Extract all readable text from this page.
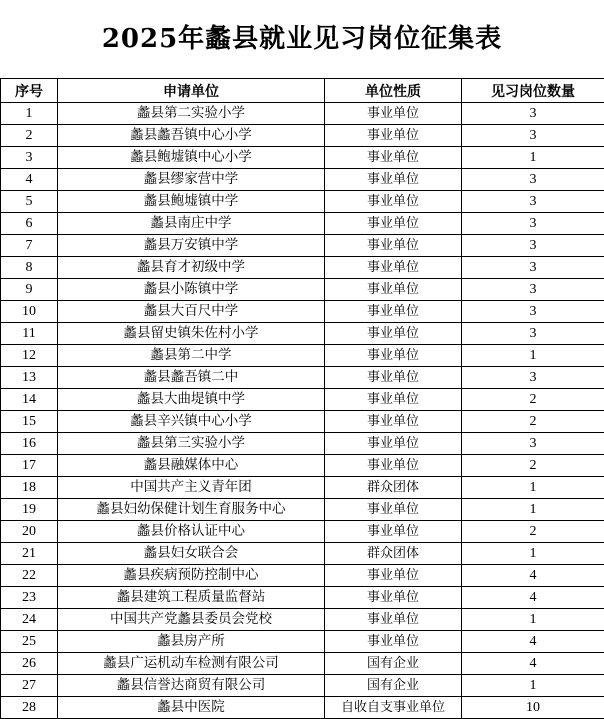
2025年蠡县就业见习岗位征集表
序号	申请单位	单位性质	见习岗位数量
1	蠡县第二实验小学	事业单位	3
2	蠡县蠡吾镇中心小学	事业单位	3
3	蠡县鲍墟镇中心小学	事业单位	1
4	蠡县缪家营中学	事业单位	3
5	蠡县鲍墟镇中学	事业单位	3
6	蠡县南庄中学	事业单位	3
7	蠡县万安镇中学	事业单位	3
8	蠡县育才初级中学	事业单位	3
9	蠡县小陈镇中学	事业单位	3
10	蠡县大百尺中学	事业单位	3
11	蠡县留史镇朱佐村小学	事业单位	3
12	蠡县第二中学	事业单位	1
13	蠡县蠡吾镇二中	事业单位	3
14	蠡县大曲堤镇中学	事业单位	2
15	蠡县辛兴镇中心小学	事业单位	2
16	蠡县第三实验小学	事业单位	3
17	蠡县融媒体中心	事业单位	2
18	中国共产主义青年团	群众团体	1
19	蠡县妇幼保健计划生育服务中心	事业单位	1
20	蠡县价格认证中心	事业单位	2
21	蠡县妇女联合会	群众团体	1
22	蠡县疾病预防控制中心	事业单位	4
23	蠡县建筑工程质量监督站	事业单位	4
24	中国共产党蠡县委员会党校	事业单位	1
25	蠡县房产所	事业单位	4
26	蠡县广运机动车检测有限公司	国有企业	4
27	蠡县信誉达商贸有限公司	国有企业	1
28	蠡县中医院	自收自支事业单位	10
